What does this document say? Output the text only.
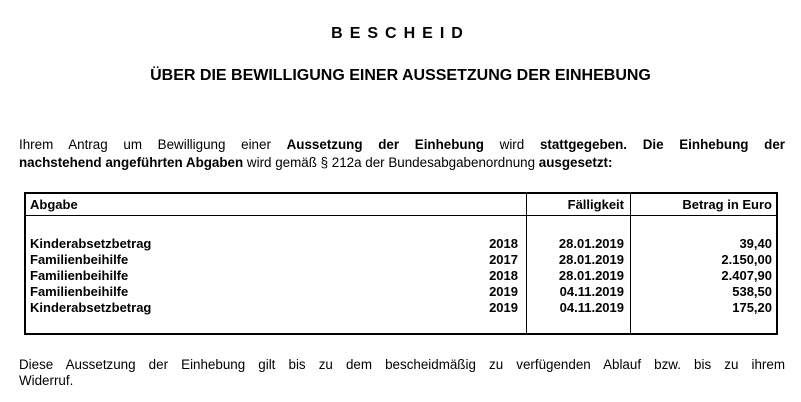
BESCHEID
ÜBER DIE BEWILLIGUNG EINER AUSSETZUNG DER EINHEBUNG
Ihrem Antrag um Bewilligung einer Aussetzung der Einhebung wird stattgegeben. Die Einhebung der
nachstehend angeführten Abgaben wird gemäß § 212a der Bundesabgabenordnung ausgesetzt:
Abgabe	Fälligkeit	Betrag in Euro
Kinderabsetzbetrag	2018	28.01.2019	39,40
Familienbeihilfe	2017	28.01.2019	2.150,00
Familienbeihilfe	2018	28.01.2019	2.407,90
Familienbeihilfe	2019	04.11.2019	538,50
Kinderabsetzbetrag	2019	04.11.2019	175,20
Diese Aussetzung der Einhebung gilt bis zu dem bescheidmäßig zu verfügenden Ablauf bzw. bis zu ihrem
Widerruf.
